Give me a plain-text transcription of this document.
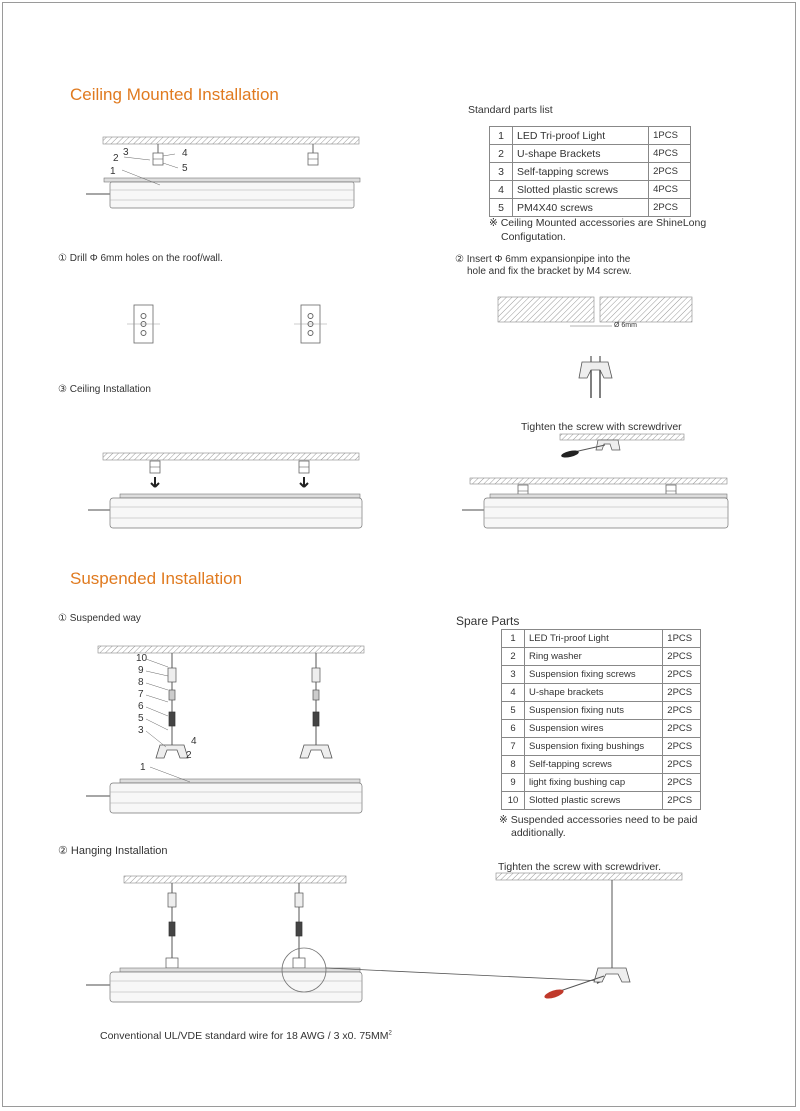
Ceiling Mounted Installation
Standard parts list
1	LED Tri-proof Light	1PCS
2	U-shape Brackets	4PCS
3	Self-tapping screws	2PCS
4	Slotted plastic screws	4PCS
5	PM4X40 screws	2PCS
※ Ceiling Mounted accessories are ShineLong
Configutation.
1
2
3	4
5
① Drill Φ 6mm holes on the roof/wall.	② Insert Φ 6mm expansionpipe into the
hole and fix the bracket by M4 screw.
Ø 6mm
③ Ceiling Installation
Tighten the screw with screwdriver
Suspended Installation
① Suspended way	Spare Parts
1	LED Tri-proof Light	1PCS
2	Ring washer	2PCS
3	Suspension fixing screws	2PCS
4	U-shape brackets	2PCS
5	Suspension fixing nuts	2PCS
6	Suspension wires	2PCS
7	Suspension fixing bushings	2PCS
8	Self-tapping screws	2PCS
9	light fixing bushing cap	2PCS
10	Slotted plastic screws	2PCS
※ Suspended accessories need to be paid
additionally.
10
9
8
7
6
5
3
4
2
1
② Hanging Installation
Tighten the screw with screwdriver.
Conventional UL/VDE standard wire for 18 AWG / 3 x0. $75MM^2$
